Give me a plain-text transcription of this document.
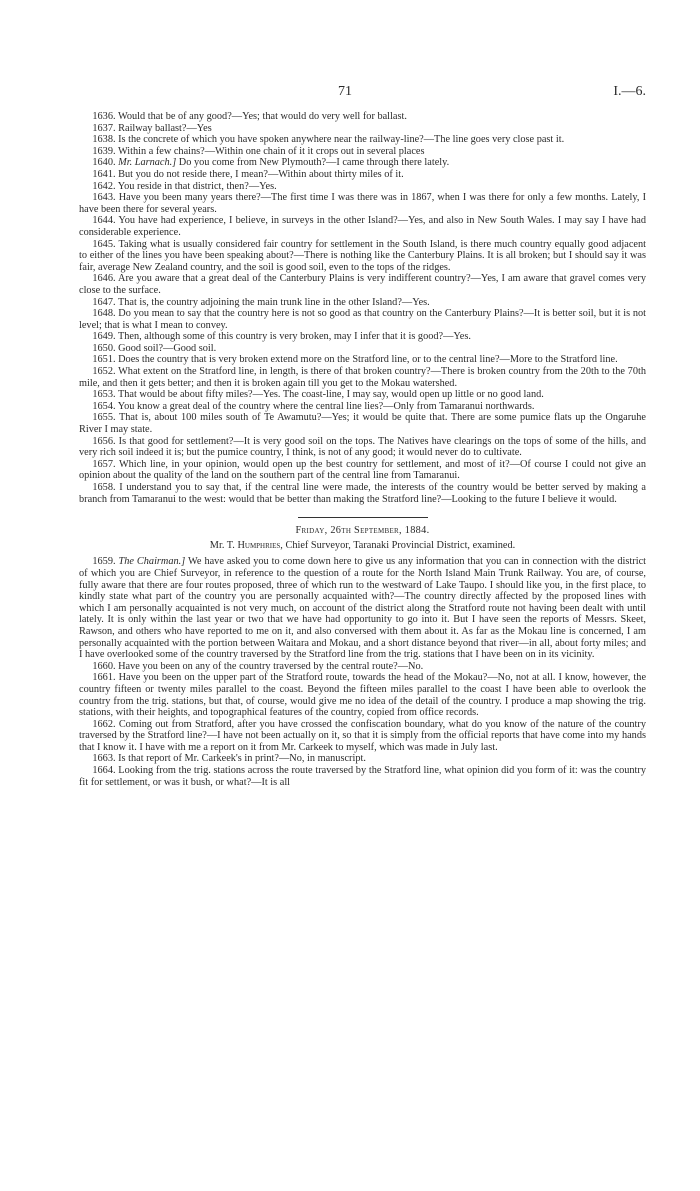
71	I.—6.

1636. Would that be of any good?—Yes; that would do very well for ballast.

1637. Railway ballast?—Yes

1638. Is the concrete of which you have spoken anywhere near the railway-line?—The line goes very close past it.

1639. Within a few chains?—Within one chain of it it crops out in several places

1640. Mr. Larnach.] Do you come from New Plymouth?—I came through there lately.

1641. But you do not reside there, I mean?—Within about thirty miles of it.

1642. You reside in that district, then?—Yes.

1643. Have you been many years there?—The first time I was there was in 1867, when I was there for only a few months. Lately, I have been there for several years.

1644. You have had experience, I believe, in surveys in the other Island?—Yes, and also in New South Wales. I may say I have had considerable experience.

1645. Taking what is usually considered fair country for settlement in the South Island, is there much country equally good adjacent to either of the lines you have been speaking about?—There is nothing like the Canterbury Plains. It is all broken; but I should say it was fair, average New Zealand country, and the soil is good soil, even to the tops of the ridges.

1646. Are you aware that a great deal of the Canterbury Plains is very indifferent country?—Yes, I am aware that gravel comes very close to the surface.

1647. That is, the country adjoining the main trunk line in the other Island?—Yes.

1648. Do you mean to say that the country here is not so good as that country on the Canterbury Plains?—It is better soil, but it is not level; that is what I mean to convey.

1649. Then, although some of this country is very broken, may I infer that it is good?—Yes.

1650. Good soil?—Good soil.

1651. Does the country that is very broken extend more on the Stratford line, or to the central line?—More to the Stratford line.

1652. What extent on the Stratford line, in length, is there of that broken country?—There is broken country from the 20th to the 70th mile, and then it gets better; and then it is broken again till you get to the Mokau watershed.

1653. That would be about fifty miles?—Yes. The coast-line, I may say, would open up little or no good land.

1654. You know a great deal of the country where the central line lies?—Only from Tamaranui northwards.

1655. That is, about 100 miles south of Te Awamutu?—Yes; it would be quite that. There are some pumice flats up the Ongaruhe River I may state.

1656. Is that good for settlement?—It is very good soil on the tops. The Natives have clearings on the tops of some of the hills, and very rich soil indeed it is; but the pumice country, I think, is not of any good; it would never do to cultivate.

1657. Which line, in your opinion, would open up the best country for settlement, and most of it?—Of course I could not give an opinion about the quality of the land on the southern part of the central line from Tamaranui.

1658. I understand you to say that, if the central line were made, the interests of the country would be better served by making a branch from Tamaranui to the west: would that be better than making the Stratford line?—Looking to the future I believe it would.

Friday, 26th September, 1884.

Mr. T. Humphries, Chief Surveyor, Taranaki Provincial District, examined.

1659. The Chairman.] We have asked you to come down here to give us any information that you can in connection with the district of which you are Chief Surveyor, in reference to the question of a route for the North Island Main Trunk Railway. You are, of course, fully aware that there are four routes proposed, three of which run to the westward of Lake Taupo. I should like you, in the first place, to kindly state what part of the country you are personally acquainted with?—The country directly affected by the proposed lines with which I am personally acquainted is not very much, on account of the district along the Stratford route not having been dealt with until lately. It is only within the last year or two that we have had opportunity to go into it. But I have seen the reports of Messrs. Skeet, Rawson, and others who have reported to me on it, and also conversed with them about it. As far as the Mokau line is concerned, I am personally acquainted with the portion between Waitara and Mokau, and a short distance beyond that river—in all, about forty miles; and I have overlooked some of the country traversed by the Stratford line from the trig. stations that I have been on in its vicinity.

1660. Have you been on any of the country traversed by the central route?—No.

1661. Have you been on the upper part of the Stratford route, towards the head of the Mokau?—No, not at all. I know, however, the country fifteen or twenty miles parallel to the coast. Beyond the fifteen miles parallel to the coast I have been able to overlook the country from the trig. stations, but that, of course, would give me no idea of the detail of the country. I produce a map showing the trig. stations, with their heights, and topographical features of the country, copied from office records.

1662. Coming out from Stratford, after you have crossed the confiscation boundary, what do you know of the nature of the country traversed by the Stratford line?—I have not been actually on it, so that it is simply from the official reports that have come into my hands that I know it. I have with me a report on it from Mr. Carkeek to myself, which was made in July last.

1663. Is that report of Mr. Carkeek's in print?—No, in manuscript.

1664. Looking from the trig. stations across the route traversed by the Stratford line, what opinion did you form of it: was the country fit for settlement, or was it bush, or what?—It is all
